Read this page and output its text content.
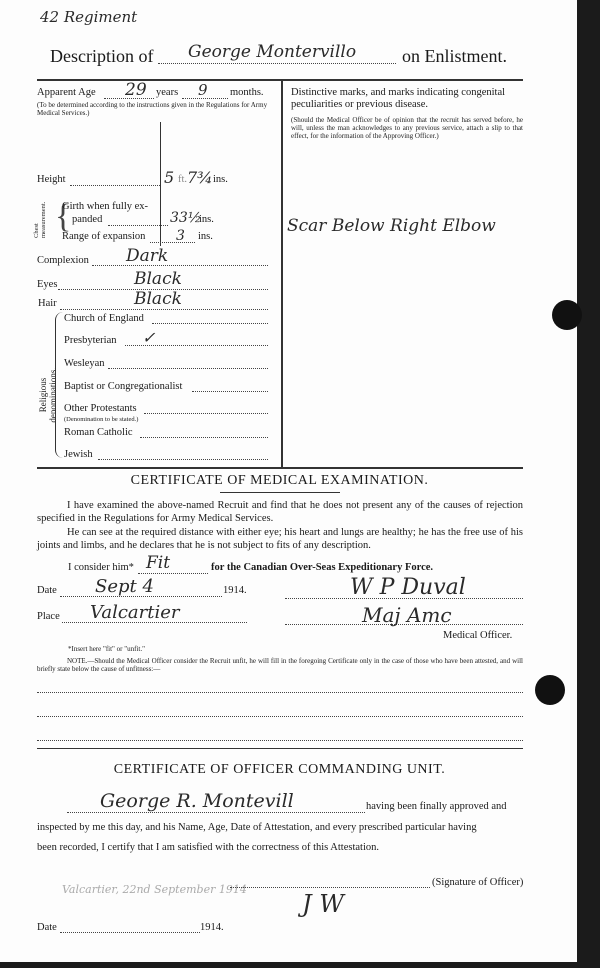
42 Regiment
Description of George Montervillo	on Enlistment.
Apparent Age 29 years 9 months.
(To be determined according to the instructions given in the Regulations for Army Medical Services.)
Height	5 ft. 7¾ ins.
Chest measurement. {
Girth when fully ex-
panded	33½
ins.
Range of expansion 3 ins.
Complexion Dark
Eyes	Black
Hair	Black
Religious denominations.
Church of England
Presbyterian ✓
Wesleyan
Baptist or Congregationalist
Other Protestants
(Denomination to be stated.)
Roman Catholic
Jewish
Distinctive marks, and marks indicating congenital
peculiarities or previous disease.
(Should the Medical Officer be of opinion that the recruit has served before, he will, unless the man acknowledges to any previous service, attach a slip to that effect, for the information of the Approving Officer.)
Scar Below Right Elbow
CERTIFICATE OF MEDICAL EXAMINATION.
I have examined the above-named Recruit and find that he does not present any of the causes of rejection specified in the Regulations for Army Medical Services.
He can see at the required distance with either eye; his heart and lungs are healthy; he has the free use of his joints and limbs, and he declares that he is not subject to fits of any description.
I consider him* Fit	for the Canadian Over-Seas Expeditionary Force.
Date Sept 4	1914.	W P Duval
Place Valcartier	Maj Amc
Medical Officer.
*Insert here "fit" or "unfit."
NOTE.—Should the Medical Officer consider the Recruit unfit, he will fill in the foregoing Certificate only in the case of those who have been attested, and will briefly state below the cause of unfitness:—
CERTIFICATE OF OFFICER COMMANDING UNIT.
George R. Montevill	having been finally approved and
inspected by me this day, and his Name, Age, Date of Attestation, and every prescribed particular having
been recorded, I certify that I am satisfied with the correctness of this Attestation.
Valcartier, 22nd September 1914
J W
(Signature of Officer)
Date	1914.
